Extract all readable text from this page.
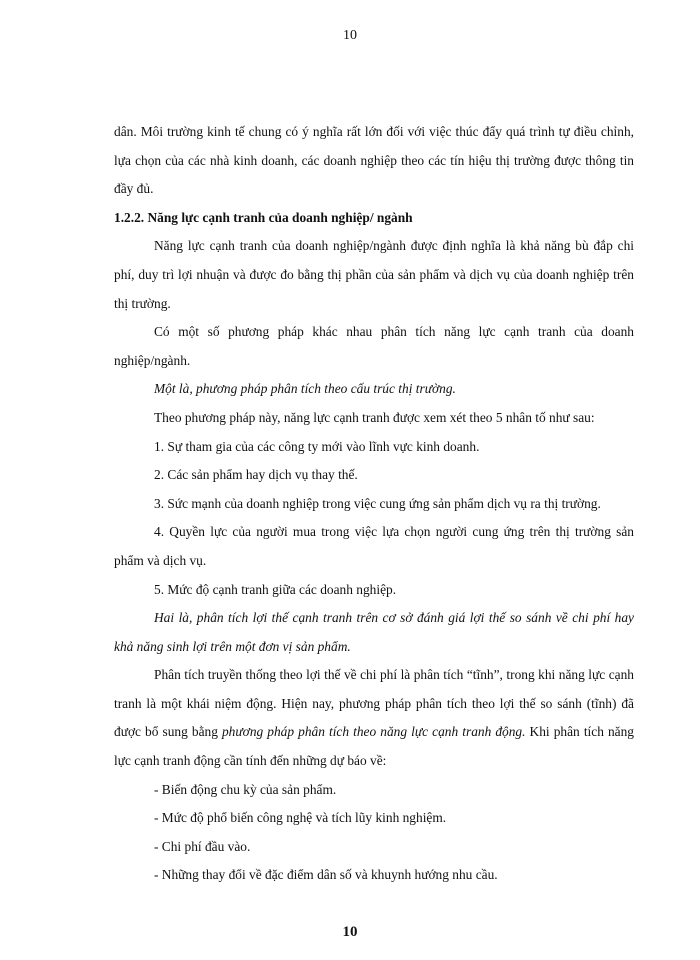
10

dân. Môi trường kinh tế chung có ý nghĩa rất lớn đối với việc thúc đẩy quá trình tự điều chỉnh, lựa chọn của các nhà kinh doanh, các doanh nghiệp theo các tín hiệu thị trường được thông tin đầy đủ.

1.2.2. Năng lực cạnh tranh của doanh nghiệp/ ngành

Năng lực cạnh tranh của doanh nghiệp/ngành được định nghĩa là khả năng bù đắp chi phí, duy trì lợi nhuận và được đo bằng thị phần của sản phẩm và dịch vụ của doanh nghiệp trên thị trường.

Có một số phương pháp khác nhau phân tích năng lực cạnh tranh của doanh nghiệp/ngành.

Một là, phương pháp phân tích theo cấu trúc thị trường.

Theo phương pháp này, năng lực cạnh tranh được xem xét theo 5 nhân tố như sau:

1. Sự tham gia của các công ty mới vào lĩnh vực kinh doanh.

2. Các sản phẩm hay dịch vụ thay thế.

3. Sức mạnh của doanh nghiệp trong việc cung ứng sản phẩm dịch vụ ra thị trường.

4. Quyền lực của người mua trong việc lựa chọn người cung ứng trên thị trường sản phẩm và dịch vụ.

5. Mức độ cạnh tranh giữa các doanh nghiệp.

Hai là, phân tích lợi thế cạnh tranh trên cơ sở đánh giá lợi thế so sánh về chi phí hay khả năng sinh lợi trên một đơn vị sản phẩm.

Phân tích truyền thống theo lợi thế về chi phí là phân tích “tĩnh”, trong khi năng lực cạnh tranh là một khái niệm động. Hiện nay, phương pháp phân tích theo lợi thế so sánh (tĩnh) đã được bổ sung bằng phương pháp phân tích theo năng lực cạnh tranh động. Khi phân tích năng lực cạnh tranh động cần tính đến những dự báo về:

- Biến động chu kỳ của sản phẩm.

- Mức độ phổ biến công nghệ và tích lũy kinh nghiệm.

- Chi phí đầu vào.

- Những thay đổi về đặc điểm dân số và khuynh hướng nhu cầu.

10
